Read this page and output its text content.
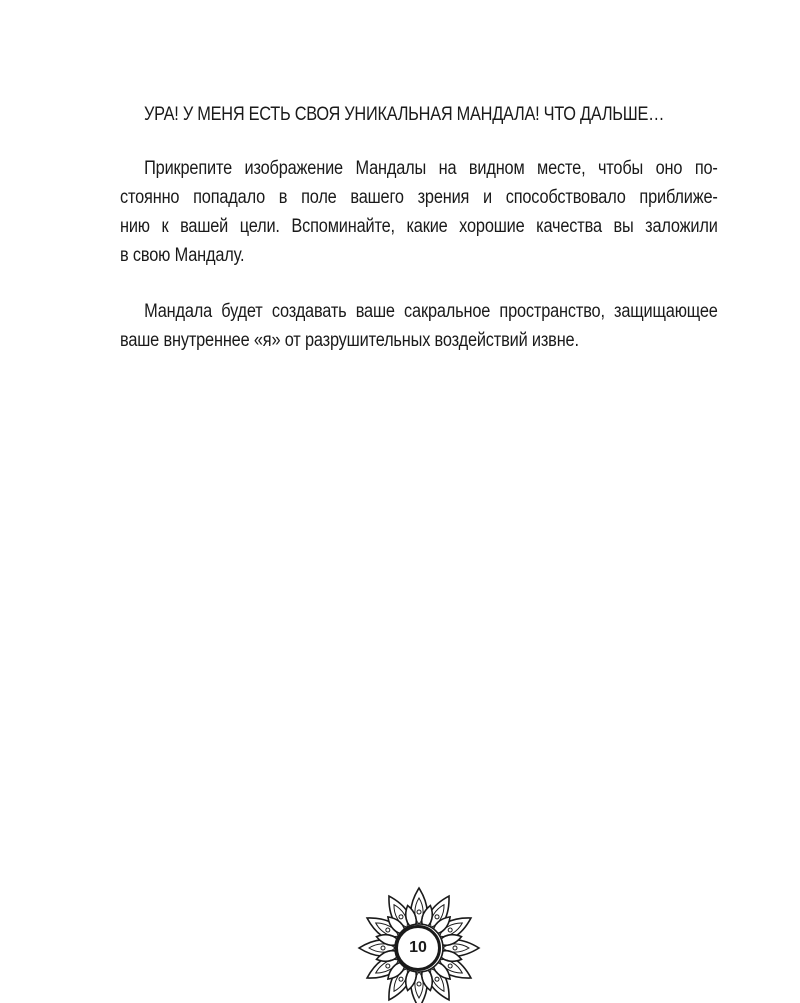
УРА! У МЕНЯ ЕСТЬ СВОЯ УНИКАЛЬНАЯ МАНДАЛА! ЧТО ДАЛЬШЕ…
Прикрепите изображение Мандалы на видном месте, чтобы оно по-
стоянно попадало в поле вашего зрения и способствовало приближе-
нию к вашей цели. Вспоминайте, какие хорошие качества вы заложили
в свою Мандалу.
Мандала будет создавать ваше сакральное пространство, защищающее
ваше внутреннее «я» от разрушительных воздействий извне.
10
